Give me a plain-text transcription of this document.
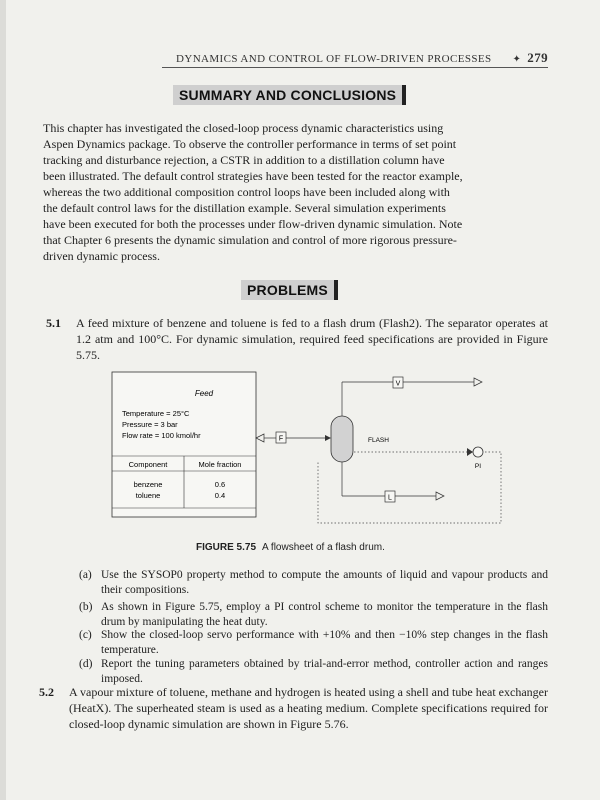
DYNAMICS AND CONTROL OF FLOW-DRIVEN PROCESSES	✦ 279
SUMMARY AND CONCLUSIONS
This chapter has investigated the closed-loop process dynamic characteristics using
Aspen Dynamics package. To observe the controller performance in terms of set point
tracking and disturbance rejection, a CSTR in addition to a distillation column have
been illustrated. The default control strategies have been tested for the reactor example,
whereas the two additional composition control loops have been included along with
the default control laws for the distillation example. Several simulation experiments
have been executed for both the processes under flow-driven dynamic simulation. Note
that Chapter 6 presents the dynamic simulation and control of more rigorous pressure-
driven dynamic process.
PROBLEMS
5.1	A feed mixture of benzene and toluene is fed to a flash drum (Flash2). The separator operates at 1.2 atm and 100°C. For dynamic simulation, required feed specifications are provided in Figure 5.75.
Feed
Temperature = 25°C
Pressure = 3 bar
Flow rate = 100 kmol/hr
Component	Mole fraction
benzene	0.6
toluene	0.4
F	FLASH
V
L
PI
FIGURE 5.75 A flowsheet of a flash drum.
(a) Use the SYSOP0 property method to compute the amounts of liquid and vapour products and their compositions.
(b) As shown in Figure 5.75, employ a PI control scheme to monitor the temperature in the flash drum by manipulating the heat duty.
(c) Show the closed-loop servo performance with +10% and then −10% step changes in the flash temperature.
(d) Report the tuning parameters obtained by trial-and-error method, controller action and ranges imposed.
5.2	A vapour mixture of toluene, methane and hydrogen is heated using a shell and tube heat exchanger (HeatX). The superheated steam is used as a heating medium. Complete specifications required for closed-loop dynamic simulation are shown in Figure 5.76.
